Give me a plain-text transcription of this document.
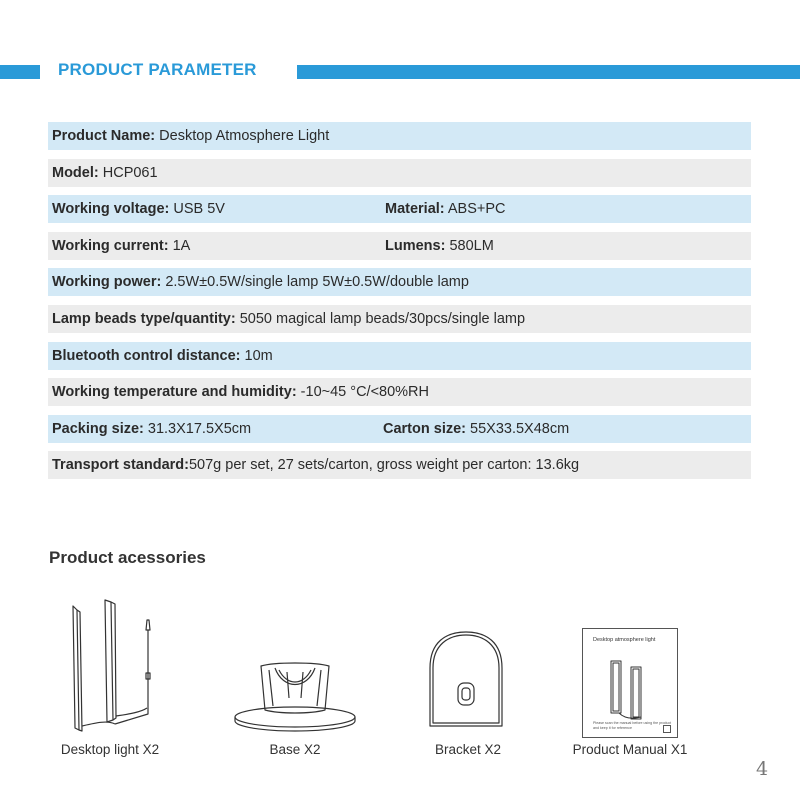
PRODUCT PARAMETER
Product Name: Desktop Atmosphere Light
Model: HCP061
Working voltage: USB 5V	Material: ABS+PC
Working current: 1A	Lumens: 580LM
Working power: 2.5W±0.5W/single lamp 5W±0.5W/double lamp
Lamp beads type/quantity: 5050 magical lamp beads/30pcs/single lamp
Bluetooth control distance: 10m
Working temperature and humidity: -10~45 °C/<80%RH
Packing size: 31.3X17.5X5cm	Carton size: 55X33.5X48cm
Transport standard:507g per set, 27 sets/carton, gross weight per carton: 13.6kg
Product acessories
Desktop light X2	Base X2	Bracket X2
Desktop atmosphere light
Please scan the manual before using the product and keep it for reference
Product Manual X1
4
